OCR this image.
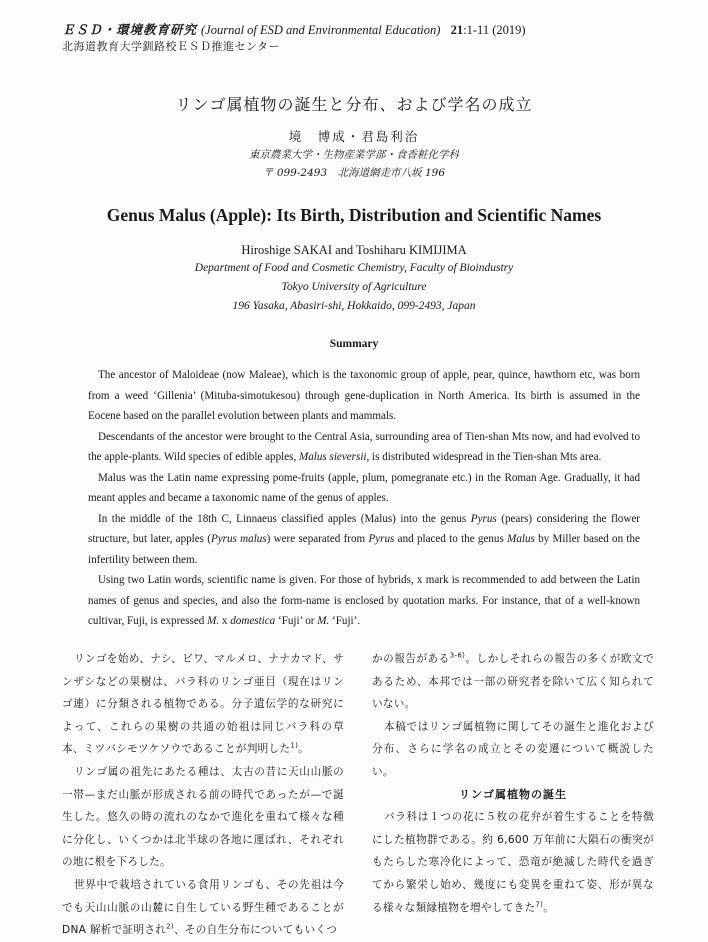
ＥＳＤ・環境教育研究 (Journal of ESD and Environmental Education) 21:1-11 (2019)
北海道教育大学釧路校ＥＳＤ推進センター
リンゴ属植物の誕生と分布、および学名の成立
境　博成・君島利治
東京農業大学・生物産業学部・食香粧化学科
〒 099-2493　北海道網走市八坂 196
Genus Malus (Apple): Its Birth, Distribution and Scientific Names
Hiroshige SAKAI and Toshiharu KIMIJIMA
Department of Food and Cosmetic Chemistry, Faculty of Bioindustry
Tokyo University of Agriculture
196 Yasaka, Abasiri-shi, Hokkaido, 099-2493, Japan
Summary

The ancestor of Maloideae (now Maleae), which is the taxonomic group of apple, pear, quince, hawthorn etc, was born from a weed ‘Gillenia’ (Mituba-simotukesou) through gene-duplication in North America. Its birth is assumed in the Eocene based on the parallel evolution between plants and mammals.

Descendants of the ancestor were brought to the Central Asia, surrounding area of Tien-shan Mts now, and had evolved to the apple-plants. Wild species of edible apples, Malus sieversii, is distributed widespread in the Tien-shan Mts area.

Malus was the Latin name expressing pome-fruits (apple, plum, pomegranate etc.) in the Roman Age. Gradually, it had meant apples and became a taxonomic name of the genus of apples.

In the middle of the 18th C, Linnaeus classified apples (Malus) into the genus Pyrus (pears) considering the flower structure, but later, apples (Pyrus malus) were separated from Pyrus and placed to the genus Malus by Miller based on the infertility between them.

Using two Latin words, scientific name is given. For those of hybrids, x mark is recommended to add between the Latin names of genus and species, and also the form-name is enclosed by quotation marks. For instance, that of a well-known cultivar, Fuji, is expressed M. x domestica ‘Fuji’ or M. ‘Fuji’.

リンゴを始め、ナシ、ビワ、マルメロ、ナナカマド、サンザシなどの果樹は、バラ科のリンゴ亜目（現在はリンゴ連）に分類される植物である。分子遺伝学的な研究によって、これらの果樹の共通の始祖は同じバラ科の草本、ミツバシモツケソウであることが判明した$^{1)}$。

リンゴ属の祖先にあたる種は、太古の昔に天山山脈の一帯—まだ山脈が形成される前の時代であったが—で誕生した。悠久の時の流れのなかで進化を重ねて様々な種に分化し、いくつかは北半球の各地に運ばれ、それぞれの地に根を下ろした。

世界中で栽培されている食用リンゴも、その先祖は今でも天山山脈の山麓に自生している野生種であることがDNA 解析で証明され$^{2)}$、その自生分布についてもいくつ

かの報告がある$^{3-6)}$。しかしそれらの報告の多くが欧文であるため、本邦では一部の研究者を除いて広く知られていない。

本稿ではリンゴ属植物に関してその誕生と進化および分布、さらに学名の成立とその変遷について概説したい。

リンゴ属植物の誕生

バラ科は１つの花に５枚の花弁が着生することを特徴にした植物群である。約 6,600 万年前に大隕石の衝突がもたらした寒冷化によって、恐竜が絶滅した時代を過ぎてから繁栄し始め、幾度にも変異を重ねて姿、形が異なる様々な類縁植物を増やしてきた$^{7)}$。
